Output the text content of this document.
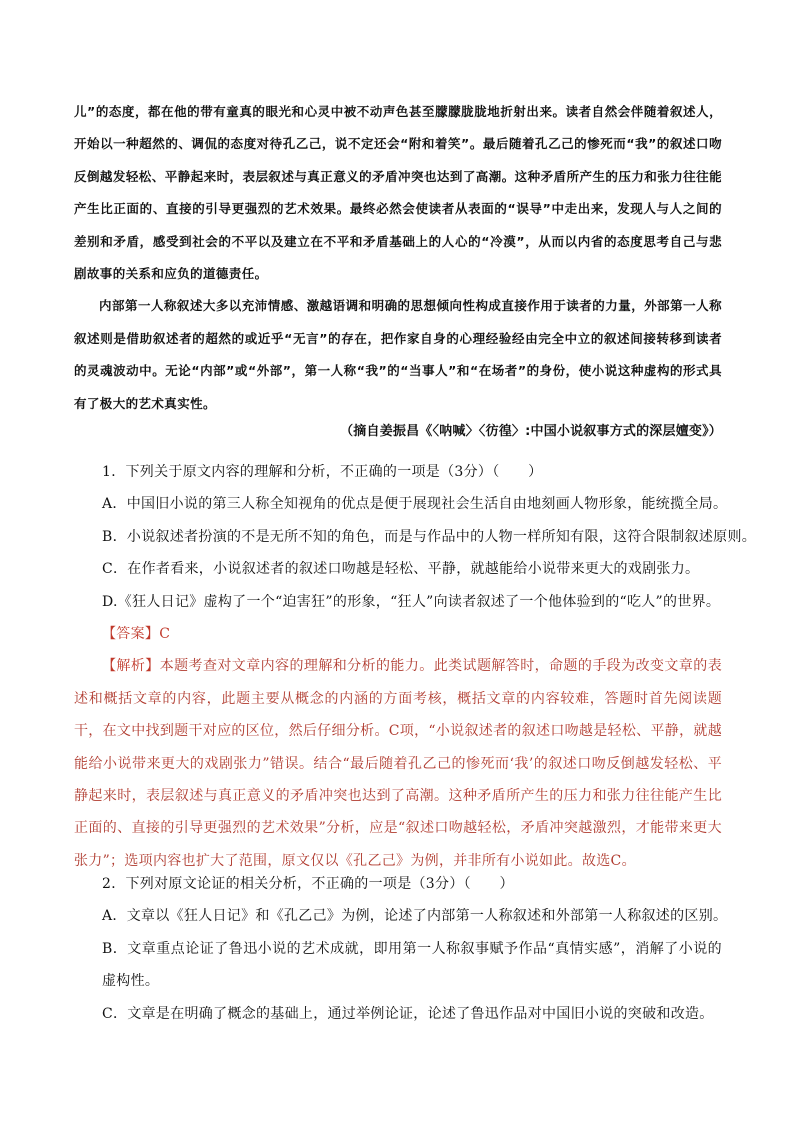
儿”的态度，都在他的带有童真的眼光和心灵中被不动声色甚至朦朦胧胧地折射出来。读者自然会伴随着叙述人，开始以一种超然的、调侃的态度对待孔乙己，说不定还会“附和着笑”。最后随着孔乙己的惨死而“我”的叙述口吻反倒越发轻松、平静起来时，表层叙述与真正意义的矛盾冲突也达到了高潮。这种矛盾所产生的压力和张力往往能产生比正面的、直接的引导更强烈的艺术效果。最终必然会使读者从表面的“误导”中走出来，发现人与人之间的差别和矛盾，感受到社会的不平以及建立在不平和矛盾基础上的人心的“冷漠”，从而以内省的态度思考自己与悲剧故事的关系和应负的道德责任。

内部第一人称叙述大多以充沛情感、激越语调和明确的思想倾向性构成直接作用于读者的力量，外部第一人称叙述则是借助叙述者的超然的或近乎“无言”的存在，把作家自身的心理经验经由完全中立的叙述间接转移到读者的灵魂波动中。无论“内部”或“外部”，第一人称“我”的“当事人”和“在场者”的身份，使小说这种虚构的形式具有了极大的艺术真实性。

（摘自姜振昌《〈呐喊〉〈彷徨〉:中国小说叙事方式的深层嬗变》）
1．下列关于原文内容的理解和分析，不正确的一项是（3分）（　　）
A．中国旧小说的第三人称全知视角的优点是便于展现社会生活自由地刻画人物形象，能统揽全局。
B．小说叙述者扮演的不是无所不知的角色，而是与作品中的人物一样所知有限，这符合限制叙述原则。
C．在作者看来，小说叙述者的叙述口吻越是轻松、平静，就越能给小说带来更大的戏剧张力。
D.《狂人日记》虚构了一个“迫害狂”的形象，“狂人”向读者叙述了一个他体验到的“吃人”的世界。
【答案】C
【解析】本题考查对文章内容的理解和分析的能力。此类试题解答时，命题的手段为改变文章的表述和概括文章的内容，此题主要从概念的内涵的方面考核，概括文章的内容较难，答题时首先阅读题干，在文中找到题干对应的区位，然后仔细分析。C项，“小说叙述者的叙述口吻越是轻松、平静，就越能给小说带来更大的戏剧张力”错误。结合“最后随着孔乙己的惨死而‘我’的叙述口吻反倒越发轻松、平静起来时，表层叙述与真正意义的矛盾冲突也达到了高潮。这种矛盾所产生的压力和张力往往能产生比正面的、直接的引导更强烈的艺术效果”分析，应是“叙述口吻越轻松，矛盾冲突越激烈，才能带来更大张力”；选项内容也扩大了范围，原文仅以《孔乙己》为例，并非所有小说如此。故选C。
2．下列对原文论证的相关分析，不正确的一项是（3分）（　　）
A．文章以《狂人日记》和《孔乙己》为例，论述了内部第一人称叙述和外部第一人称叙述的区别。
B．文章重点论证了鲁迅小说的艺术成就，即用第一人称叙事赋予作品“真情实感”，消解了小说的虚构性。
C．文章是在明确了概念的基础上，通过举例论证，论述了鲁迅作品对中国旧小说的突破和改造。
